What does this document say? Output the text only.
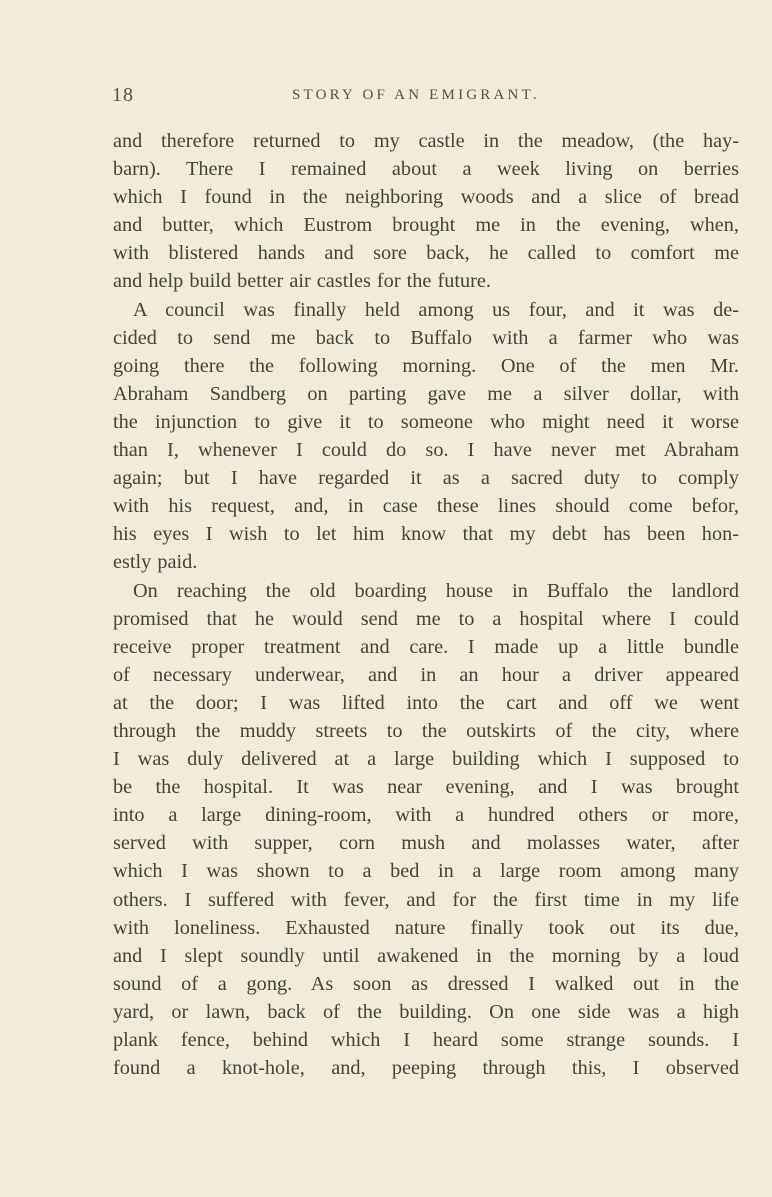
18	STORY OF AN EMIGRANT.
and therefore returned to my castle in the meadow, (the hay-
barn). There I remained about a week living on berries
which I found in the neighboring woods and a slice of bread
and butter, which Eustrom brought me in the evening, when,
with blistered hands and sore back, he called to comfort me
and help build better air castles for the future.
A council was finally held among us four, and it was de-
cided to send me back to Buffalo with a farmer who was
going there the following morning. One of the men Mr.
Abraham Sandberg on parting gave me a silver dollar, with
the injunction to give it to someone who might need it worse
than I, whenever I could do so. I have never met Abraham
again; but I have regarded it as a sacred duty to comply
with his request, and, in case these lines should come befor,
his eyes I wish to let him know that my debt has been hon-
estly paid.
On reaching the old boarding house in Buffalo the landlord
promised that he would send me to a hospital where I could
receive proper treatment and care. I made up a little bundle
of necessary underwear, and in an hour a driver appeared
at the door; I was lifted into the cart and off we went
through the muddy streets to the outskirts of the city, where
I was duly delivered at a large building which I supposed to
be the hospital. It was near evening, and I was brought
into a large dining-room, with a hundred others or more,
served with supper, corn mush and molasses water, after
which I was shown to a bed in a large room among many
others. I suffered with fever, and for the first time in my life
with loneliness. Exhausted nature finally took out its due,
and I slept soundly until awakened in the morning by a loud
sound of a gong. As soon as dressed I walked out in the
yard, or lawn, back of the building. On one side was a high
plank fence, behind which I heard some strange sounds. I
found a knot-hole, and, peeping through this, I observed
